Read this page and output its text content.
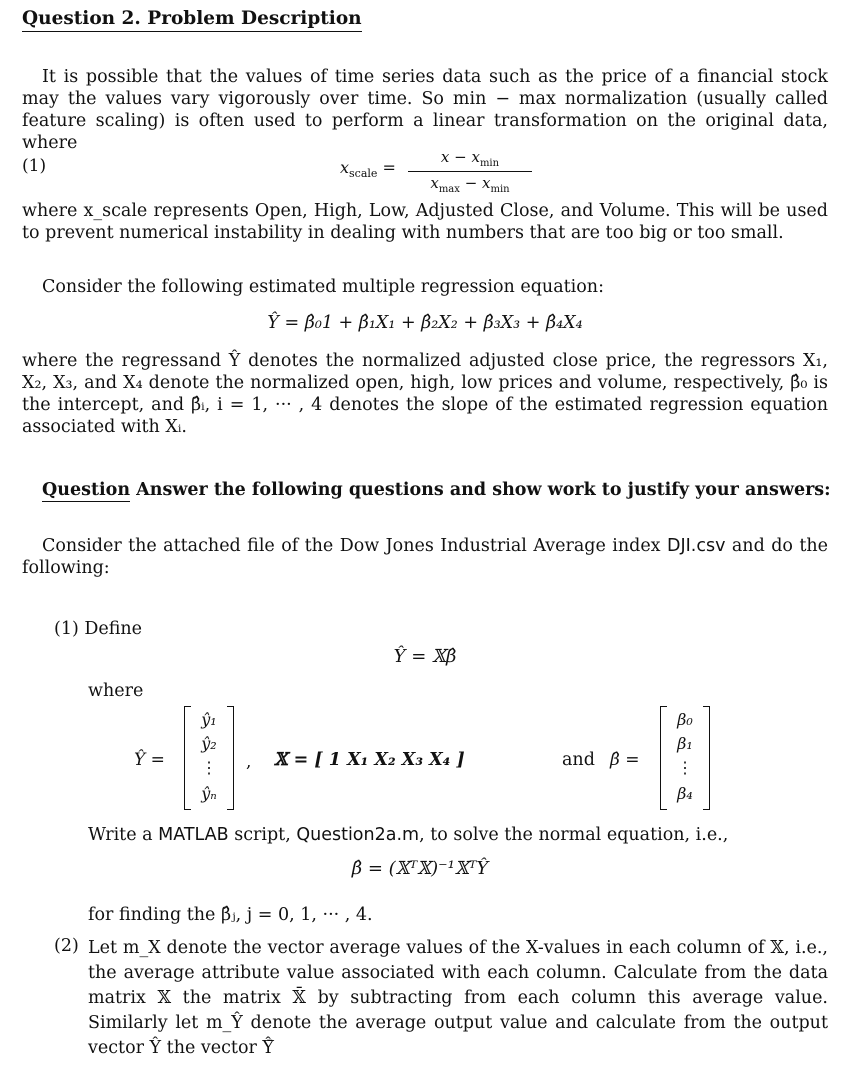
Question 2. Problem Description
It is possible that the values of time series data such as the price of a financial stock may the values vary vigorously over time. So min − max normalization (usually called feature scaling) is often used to perform a linear transformation on the original data, where
(1)	$x_{scale}$ =
$x - x_{min}$
$x_{max} - x_{min}$
where x_scale represents Open, High, Low, Adjusted Close, and Volume. This will be used to prevent numerical instability in dealing with numbers that are too big or too small.
Consider the following estimated multiple regression equation:
Ŷ = β̂₀1 + β̂₁X₁ + β̂₂X₂ + β̂₃X₃ + β̂₄X₄
where the regressand Ŷ denotes the normalized adjusted close price, the regressors X₁, X₂, X₃, and X₄ denote the normalized open, high, low prices and volume, respectively, β̂₀ is the intercept, and β̂ᵢ, i = 1, ··· , 4 denotes the slope of the estimated regression equation associated with Xᵢ.
Question Answer the following questions and show work to justify your answers:
Consider the attached file of the Dow Jones Industrial Average index DJI.csv and do the following:
(1) Define
Ŷ = 𝕏β̂
where
Ŷ =
ŷ₁
ŷ₂
⋮
ŷₙ
, 𝕏 = [ 1 X₁ X₂ X₃ X₄ ]	and β̂ =
β₀
β₁
⋮
β₄
Write a MATLAB script, Question2a.m, to solve the normal equation, i.e.,
β̂ = (𝕏ᵀ𝕏)⁻¹𝕏ᵀŶ
for finding the β̂ⱼ, j = 0, 1, ··· , 4.
(2) Let m_X denote the vector average values of the X-values in each column of 𝕏, i.e., the average attribute value associated with each column. Calculate from the data matrix 𝕏 the matrix 𝕏̄ by subtracting from each column this average value. Similarly let m_Ŷ denote the average output value and calculate from the output vector Ŷ the vector Ŷ̄
